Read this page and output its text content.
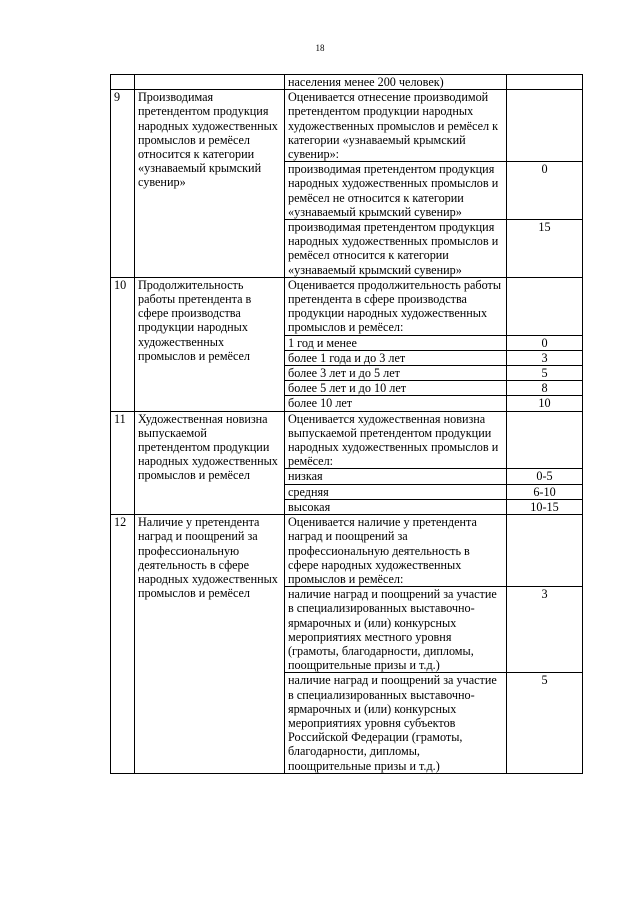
18
		населения менее 200 человек)	
9	Производимая претендентом продукция народных художественных промыслов и ремёсел относится к категории «узнаваемый крымский сувенир»	Оценивается отнесение производимой претендентом продукции народных художественных промыслов и ремёсел к категории «узнаваемый крымский сувенир»:	
		производимая претендентом продукция народных художественных промыслов и ремёсел не относится к категории «узнаваемый крымский сувенир»	0
		производимая претендентом продукция народных художественных промыслов и ремёсел относится к категории «узнаваемый крымский сувенир»	15
10	Продолжительность работы претендента в сфере производства продукции народных художественных промыслов и ремёсел	Оценивается продолжительность работы претендента в сфере производства продукции народных художественных промыслов и ремёсел:	
		1 год и менее	0
		более 1 года и до 3 лет	3
		более 3 лет и до 5 лет	5
		более 5 лет и до 10 лет	8
		более 10 лет	10
11	Художественная новизна выпускаемой претендентом продукции народных художественных промыслов и ремёсел	Оценивается художественная новизна выпускаемой претендентом продукции народных художественных промыслов и ремёсел:	
		низкая	0-5
		средняя	6-10
		высокая	10-15
12	Наличие у претендента наград и поощрений за профессиональную деятельность в сфере народных художественных промыслов и ремёсел	Оценивается наличие у претендента наград и поощрений за профессиональную деятельность в сфере народных художественных промыслов и ремёсел:	
		наличие наград и поощрений за участие в специализированных выставочно-ярмарочных и (или) конкурсных мероприятиях местного уровня (грамоты, благодарности, дипломы, поощрительные призы и т.д.)	3
		наличие наград и поощрений за участие в специализированных выставочно-ярмарочных и (или) конкурсных мероприятиях уровня субъектов Российской Федерации (грамоты, благодарности, дипломы, поощрительные призы и т.д.)	5
